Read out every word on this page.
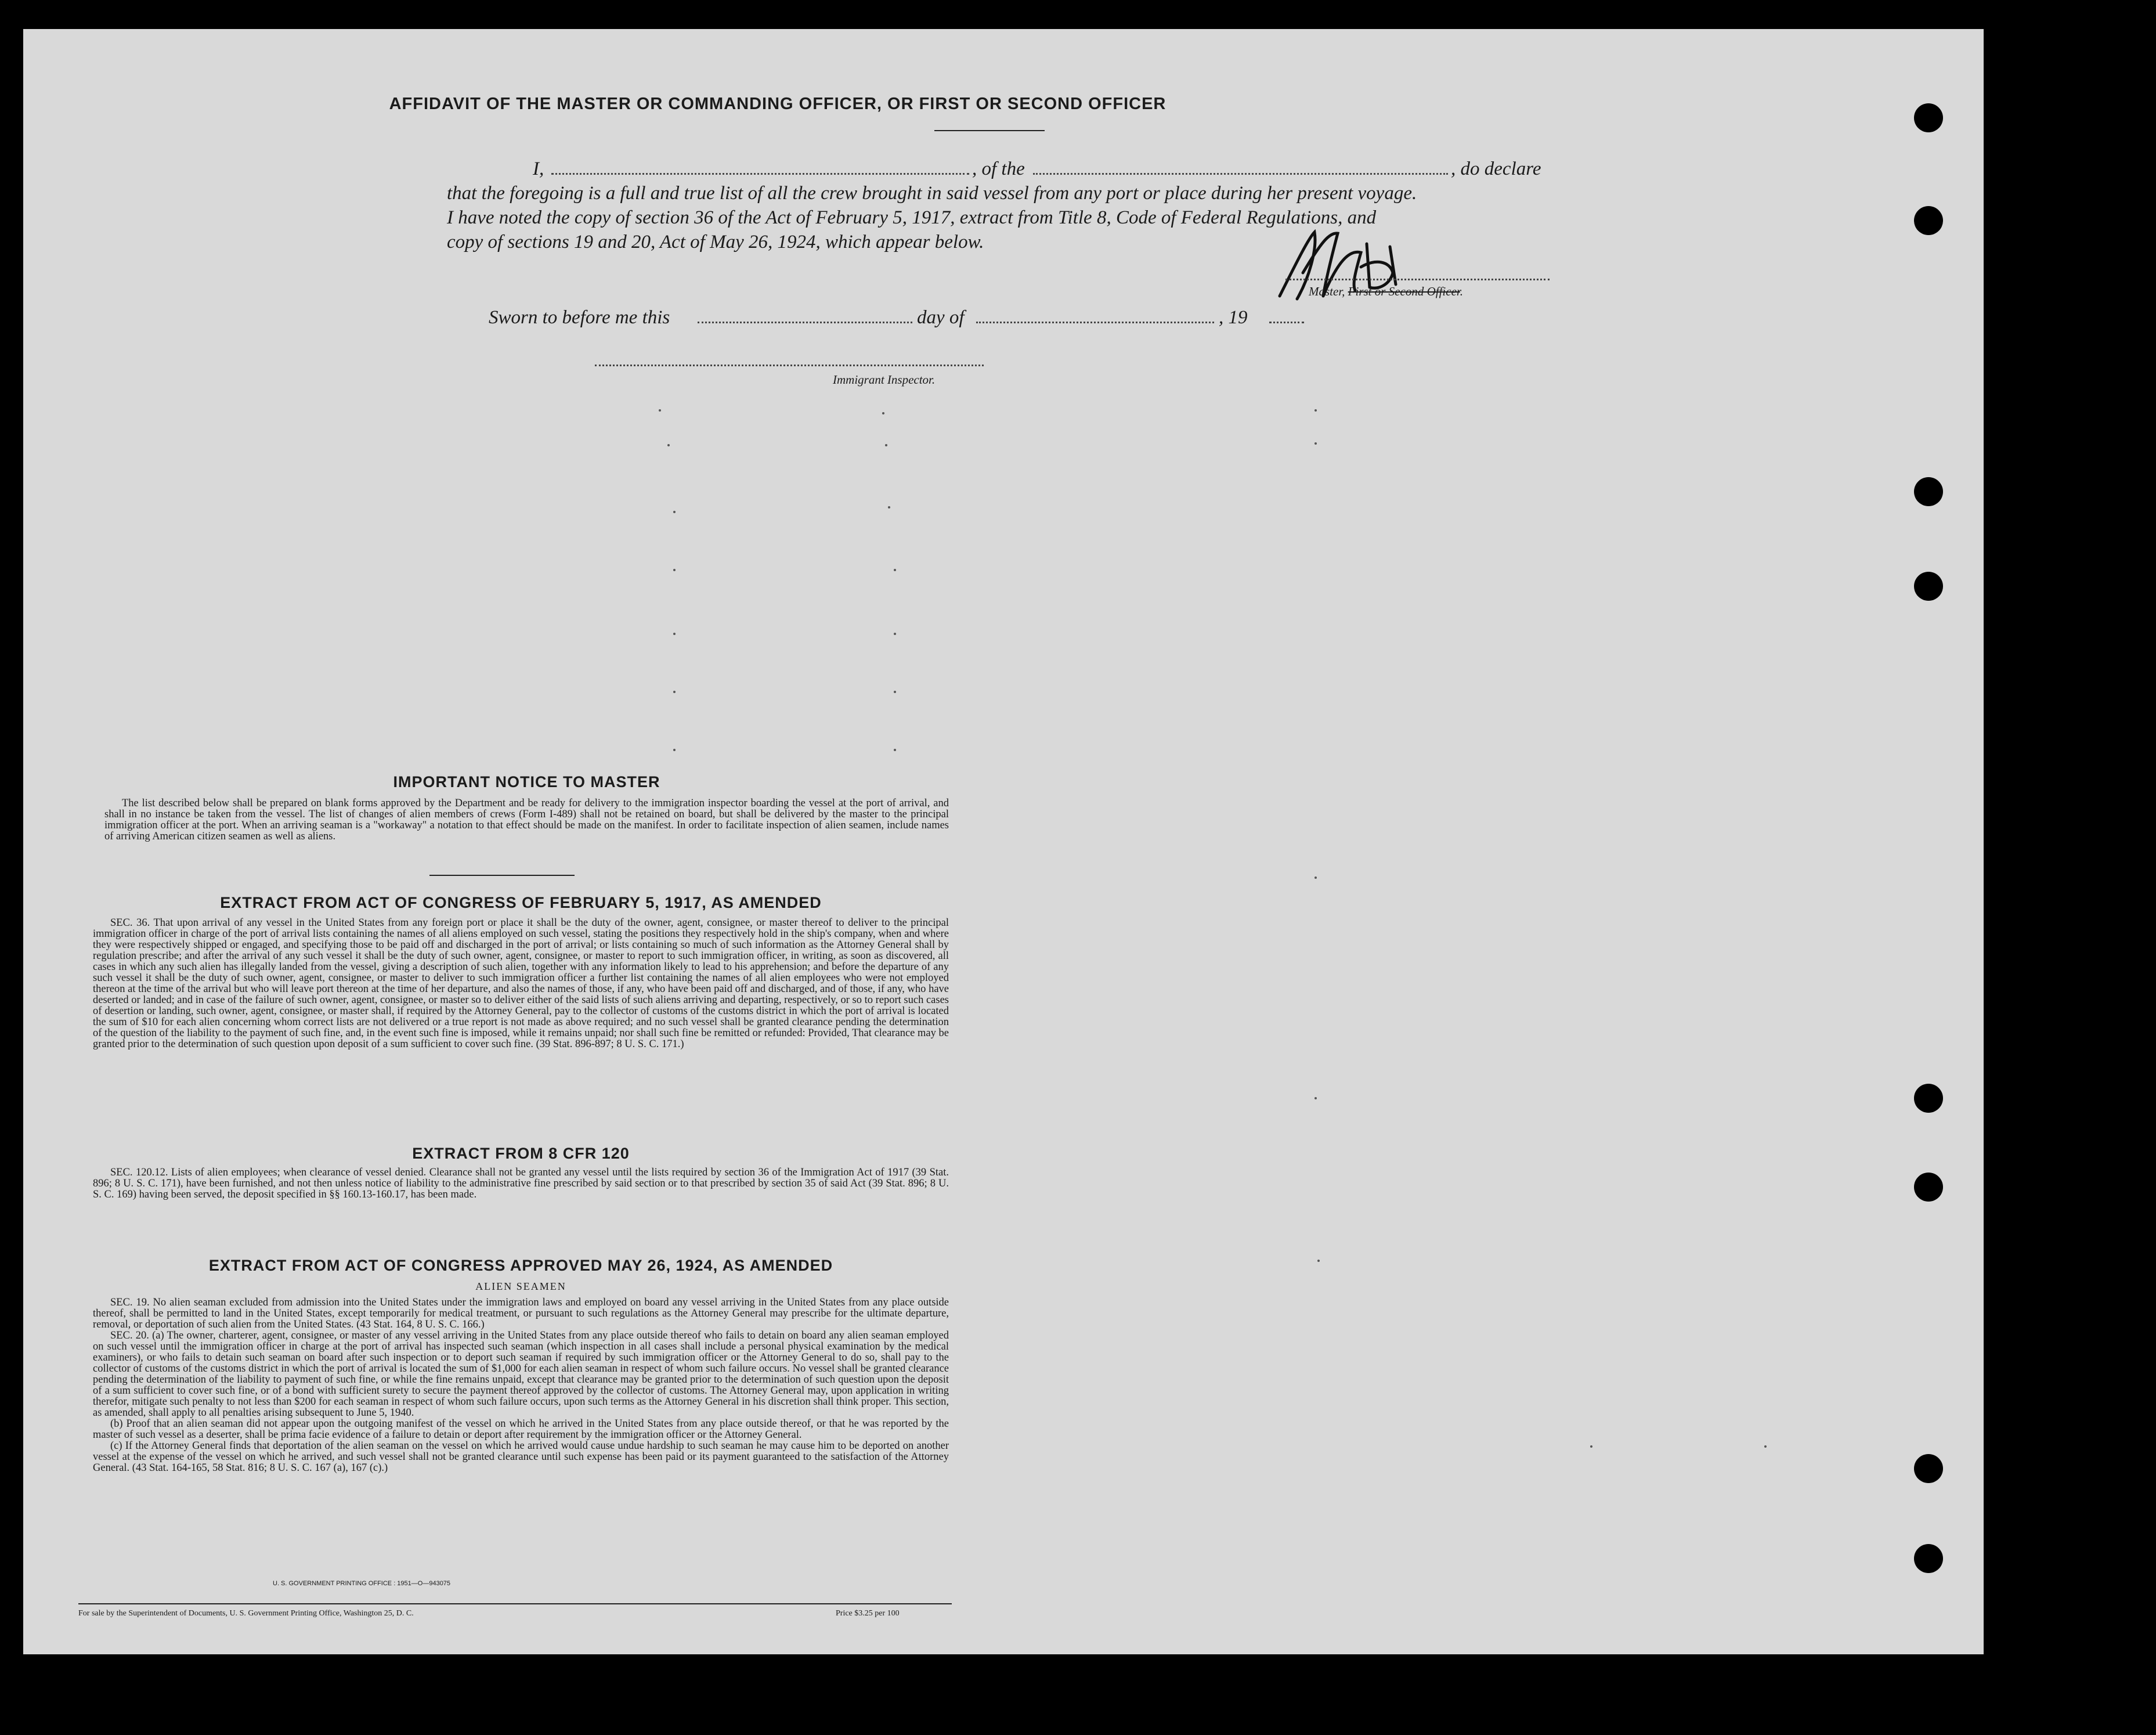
AFFIDAVIT OF THE MASTER OR COMMANDING OFFICER, OR FIRST OR SECOND OFFICER
I,	, of the	, do declare
that the foregoing is a full and true list of all the crew brought in said vessel from any port or place during her present voyage.
I have noted the copy of section 36 of the Act of February 5, 1917, extract from Title 8, Code of Federal Regulations, and
copy of sections 19 and 20, Act of May 26, 1924, which appear below.
Master, First or Second Officer.
Sworn to before me this	day of	, 19
Immigrant Inspector.
IMPORTANT NOTICE TO MASTER
The list described below shall be prepared on blank forms approved by the Department and be ready for delivery to the immigration inspector boarding the vessel at the port of arrival, and shall in no instance be taken from the vessel. The list of changes of alien members of crews (Form I-489) shall not be retained on board, but shall be delivered by the master to the principal immigration officer at the port. When an arriving seaman is a "workaway" a notation to that effect should be made on the manifest. In order to facilitate inspection of alien seamen, include names of arriving American citizen seamen as well as aliens.
EXTRACT FROM ACT OF CONGRESS OF FEBRUARY 5, 1917, AS AMENDED
SEC. 36. That upon arrival of any vessel in the United States from any foreign port or place it shall be the duty of the owner, agent, consignee, or master thereof to deliver to the principal immigration officer in charge of the port of arrival lists containing the names of all aliens employed on such vessel, stating the positions they respectively hold in the ship's company, when and where they were respectively shipped or engaged, and specifying those to be paid off and discharged in the port of arrival; or lists containing so much of such information as the Attorney General shall by regulation prescribe; and after the arrival of any such vessel it shall be the duty of such owner, agent, consignee, or master to report to such immigration officer, in writing, as soon as discovered, all cases in which any such alien has illegally landed from the vessel, giving a description of such alien, together with any information likely to lead to his apprehension; and before the departure of any such vessel it shall be the duty of such owner, agent, consignee, or master to deliver to such immigration officer a further list containing the names of all alien employees who were not employed thereon at the time of the arrival but who will leave port thereon at the time of her departure, and also the names of those, if any, who have been paid off and discharged, and of those, if any, who have deserted or landed; and in case of the failure of such owner, agent, consignee, or master so to deliver either of the said lists of such aliens arriving and departing, respectively, or so to report such cases of desertion or landing, such owner, agent, consignee, or master shall, if required by the Attorney General, pay to the collector of customs of the customs district in which the port of arrival is located the sum of $10 for each alien concerning whom correct lists are not delivered or a true report is not made as above required; and no such vessel shall be granted clearance pending the determination of the question of the liability to the payment of such fine, and, in the event such fine is imposed, while it remains unpaid; nor shall such fine be remitted or refunded: Provided, That clearance may be granted prior to the determination of such question upon deposit of a sum sufficient to cover such fine. (39 Stat. 896-897; 8 U. S. C. 171.)
EXTRACT FROM 8 CFR 120
SEC. 120.12. Lists of alien employees; when clearance of vessel denied. Clearance shall not be granted any vessel until the lists required by section 36 of the Immigration Act of 1917 (39 Stat. 896; 8 U. S. C. 171), have been furnished, and not then unless notice of liability to the administrative fine prescribed by said section or to that prescribed by section 35 of said Act (39 Stat. 896; 8 U. S. C. 169) having been served, the deposit specified in §§ 160.13-160.17, has been made.
EXTRACT FROM ACT OF CONGRESS APPROVED MAY 26, 1924, AS AMENDED
ALIEN SEAMEN
SEC. 19. No alien seaman excluded from admission into the United States under the immigration laws and employed on board any vessel arriving in the United States from any place outside thereof, shall be permitted to land in the United States, except temporarily for medical treatment, or pursuant to such regulations as the Attorney General may prescribe for the ultimate departure, removal, or deportation of such alien from the United States. (43 Stat. 164, 8 U. S. C. 166.)
SEC. 20. (a) The owner, charterer, agent, consignee, or master of any vessel arriving in the United States from any place outside thereof who fails to detain on board any alien seaman employed on such vessel until the immigration officer in charge at the port of arrival has inspected such seaman (which inspection in all cases shall include a personal physical examination by the medical examiners), or who fails to detain such seaman on board after such inspection or to deport such seaman if required by such immigration officer or the Attorney General to do so, shall pay to the collector of customs of the customs district in which the port of arrival is located the sum of $1,000 for each alien seaman in respect of whom such failure occurs. No vessel shall be granted clearance pending the determination of the liability to payment of such fine, or while the fine remains unpaid, except that clearance may be granted prior to the determination of such question upon the deposit of a sum sufficient to cover such fine, or of a bond with sufficient surety to secure the payment thereof approved by the collector of customs. The Attorney General may, upon application in writing therefor, mitigate such penalty to not less than $200 for each seaman in respect of whom such failure occurs, upon such terms as the Attorney General in his discretion shall think proper. This section, as amended, shall apply to all penalties arising subsequent to June 5, 1940.
(b) Proof that an alien seaman did not appear upon the outgoing manifest of the vessel on which he arrived in the United States from any place outside thereof, or that he was reported by the master of such vessel as a deserter, shall be prima facie evidence of a failure to detain or deport after requirement by the immigration officer or the Attorney General.
(c) If the Attorney General finds that deportation of the alien seaman on the vessel on which he arrived would cause undue hardship to such seaman he may cause him to be deported on another vessel at the expense of the vessel on which he arrived, and such vessel shall not be granted clearance until such expense has been paid or its payment guaranteed to the satisfaction of the Attorney General. (43 Stat. 164-165, 58 Stat. 816; 8 U. S. C. 167 (a), 167 (c).)
U. S. GOVERNMENT PRINTING OFFICE : 1951—O—943075
For sale by the Superintendent of Documents, U. S. Government Printing Office, Washington 25, D. C.	Price $3.25 per 100
